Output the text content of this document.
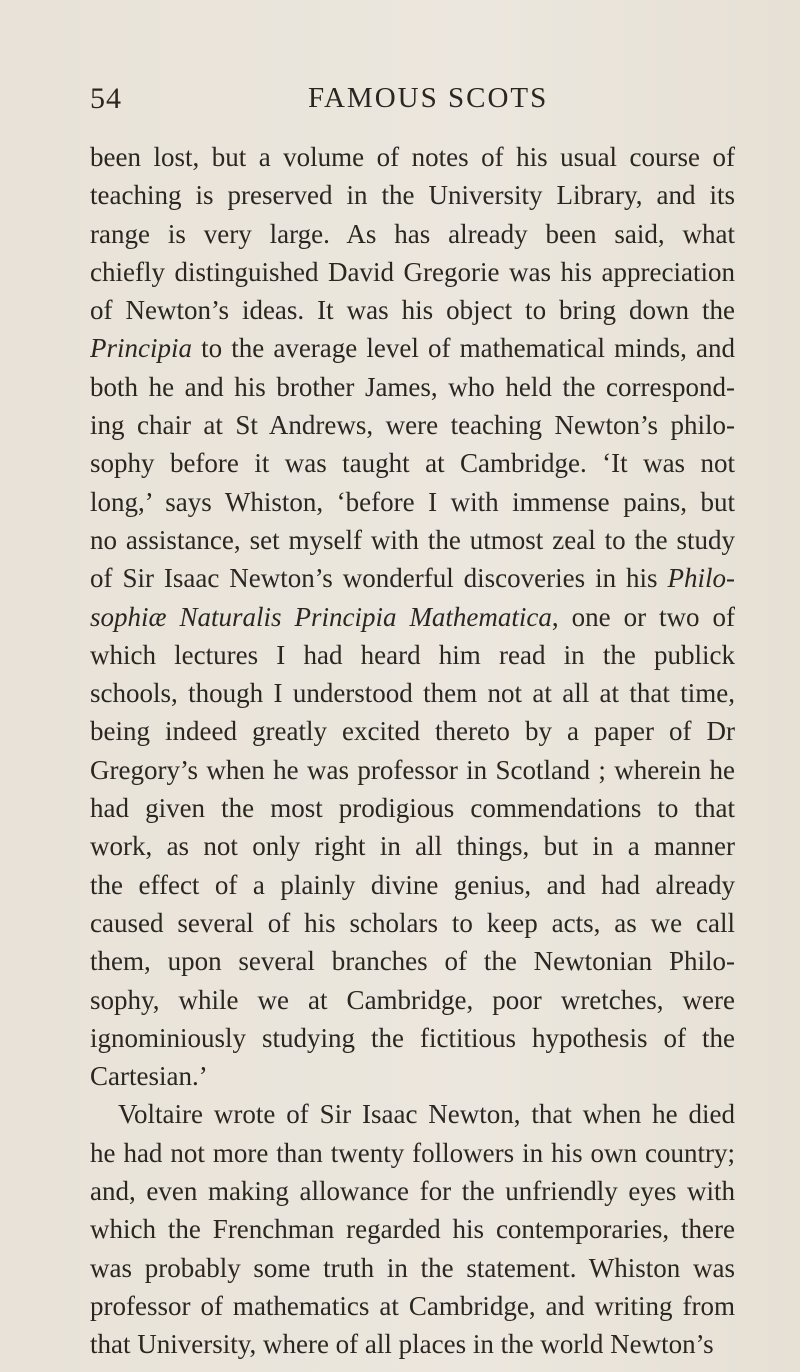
54	FAMOUS SCOTS
been lost, but a volume of notes of his usual course of
teaching is preserved in the University Library, and its
range is very large. As has already been said, what
chiefly distinguished David Gregorie was his appreciation
of Newton’s ideas. It was his object to bring down the
Principia to the average level of mathematical minds, and
both he and his brother James, who held the correspond-
ing chair at St Andrews, were teaching Newton’s philo-
sophy before it was taught at Cambridge. ‘It was not
long,’ says Whiston, ‘before I with immense pains, but
no assistance, set myself with the utmost zeal to the study
of Sir Isaac Newton’s wonderful discoveries in his Philo-
sophiæ Naturalis Principia Mathematica, one or two of
which lectures I had heard him read in the publick
schools, though I understood them not at all at that time,
being indeed greatly excited thereto by a paper of Dr
Gregory’s when he was professor in Scotland ; wherein he
had given the most prodigious commendations to that
work, as not only right in all things, but in a manner
the effect of a plainly divine genius, and had already
caused several of his scholars to keep acts, as we call
them, upon several branches of the Newtonian Philo-
sophy, while we at Cambridge, poor wretches, were
ignominiously studying the fictitious hypothesis of the
Cartesian.’
Voltaire wrote of Sir Isaac Newton, that when he died
he had not more than twenty followers in his own country;
and, even making allowance for the unfriendly eyes with
which the Frenchman regarded his contemporaries, there
was probably some truth in the statement. Whiston was
professor of mathematics at Cambridge, and writing from
that University, where of all places in the world Newton’s
